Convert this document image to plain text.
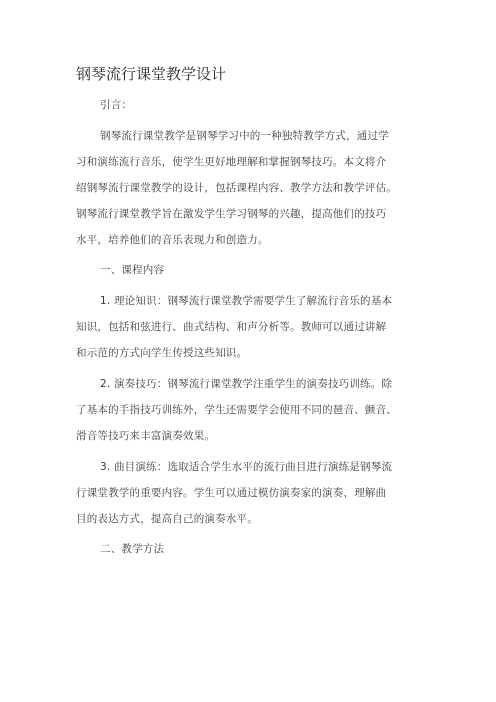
钢琴流行课堂教学设计
引言：
钢琴流行课堂教学是钢琴学习中的一种独特教学方式，通过学
习和演练流行音乐，使学生更好地理解和掌握钢琴技巧。本文将介
绍钢琴流行课堂教学的设计，包括课程内容、教学方法和教学评估。
钢琴流行课堂教学旨在激发学生学习钢琴的兴趣，提高他们的技巧
水平，培养他们的音乐表现力和创造力。
一、课程内容
1. 理论知识：钢琴流行课堂教学需要学生了解流行音乐的基本
知识，包括和弦进行、曲式结构、和声分析等。教师可以通过讲解
和示范的方式向学生传授这些知识。
2. 演奏技巧：钢琴流行课堂教学注重学生的演奏技巧训练。除
了基本的手指技巧训练外，学生还需要学会使用不同的琶音、颤音、
滑音等技巧来丰富演奏效果。
3. 曲目演练：选取适合学生水平的流行曲目进行演练是钢琴流
行课堂教学的重要内容。学生可以通过模仿演奏家的演奏，理解曲
目的表达方式，提高自己的演奏水平。
二、教学方法
